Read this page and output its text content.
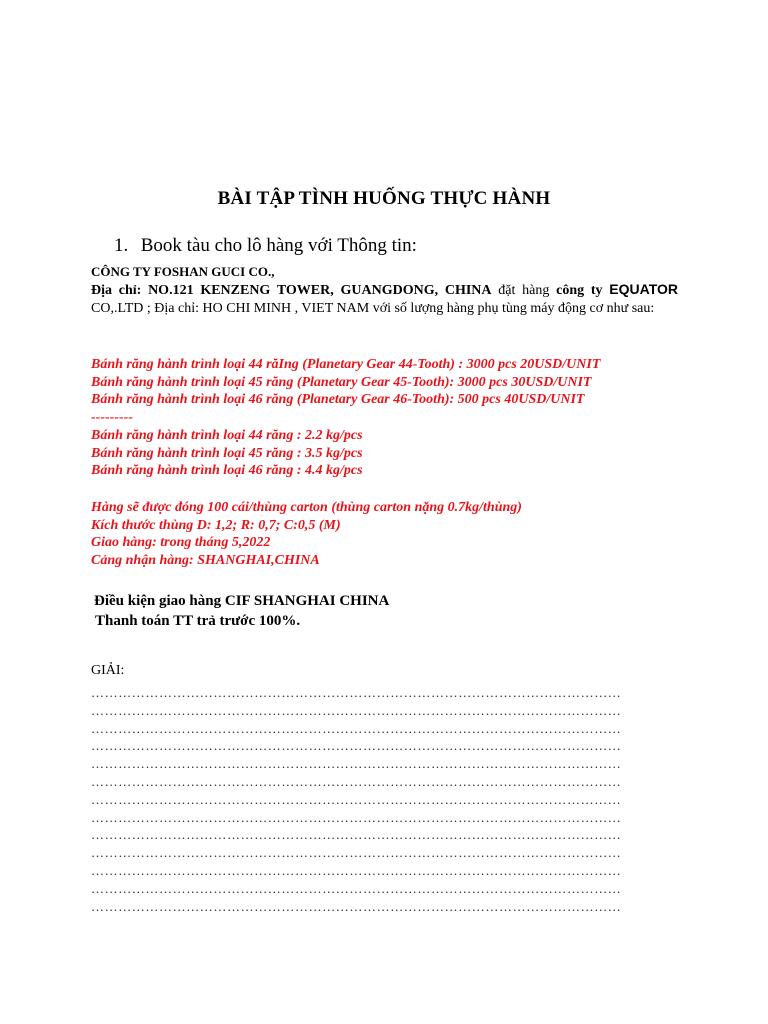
BÀI TẬP TÌNH HUỐNG THỰC HÀNH
1. Book tàu cho lô hàng với Thông tin:
CÔNG TY FOSHAN GUCI CO.,
Địa chỉ: NO.121 KENZENG TOWER, GUANGDONG, CHINA đặt hàng công ty EQUATOR CO,.LTD ; Địa chỉ: HO CHI MINH , VIET NAM với số lượng hàng phụ tùng máy động cơ như sau:
Bánh răng hành trình loại 44 răIng (Planetary Gear 44-Tooth) : 3000 pcs 20USD/UNIT
Bánh răng hành trình loại 45 răng (Planetary Gear 45-Tooth): 3000 pcs 30USD/UNIT
Bánh răng hành trình loại 46 răng (Planetary Gear 46-Tooth): 500 pcs 40USD/UNIT
---------
Bánh răng hành trình loại 44 răng : 2.2 kg/pcs
Bánh răng hành trình loại 45 răng : 3.5 kg/pcs
Bánh răng hành trình loại 46 răng : 4.4 kg/pcs
Hàng sẽ được đóng 100 cái/thùng carton (thùng carton nặng 0.7kg/thùng)
Kích thước thùng D: 1,2; R: 0,7; C:0,5 (M)
Giao hàng: trong tháng 5,2022
Cảng nhận hàng: SHANGHAI,CHINA
Điều kiện giao hàng CIF SHANGHAI CHINA
Thanh toán TT trả trước 100%.
GIẢI:
………………………………………………………………………………………………………
………………………………………………………………………………………………………
………………………………………………………………………………………………………
………………………………………………………………………………………………………
………………………………………………………………………………………………………
………………………………………………………………………………………………………
………………………………………………………………………………………………………
………………………………………………………………………………………………………
………………………………………………………………………………………………………
………………………………………………………………………………………………………
………………………………………………………………………………………………………
………………………………………………………………………………………………………
………………………………………………………………………………………………………
